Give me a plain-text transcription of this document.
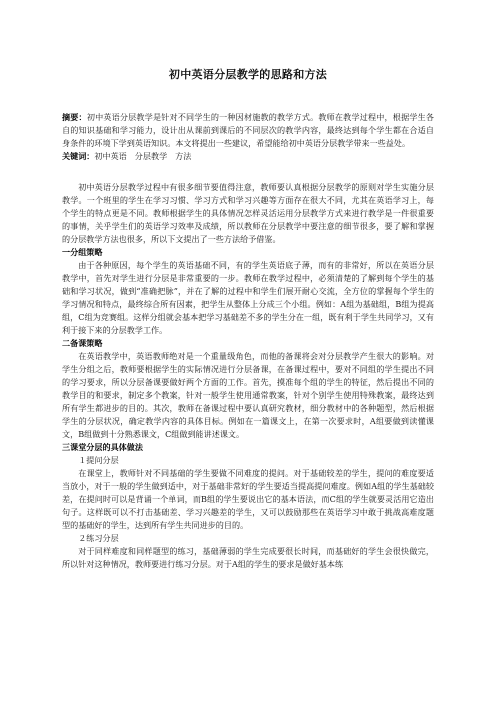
初中英语分层教学的思路和方法

摘要：初中英语分层教学是针对不同学生的一种因材施教的教学方式。教师在教学过程中，根据学生各自的知识基础和学习能力，设计出从课前到课后的不同层次的教学内容，最终达到每个学生都在合适自身条件的环境下学到英语知识。本文将提出一些建议，希望能给初中英语分层教学带来一些益处。

关键词：初中英语 分层教学 方法

初中英语分层教学过程中有很多细节要值得注意，教师要认真根据分层教学的原则对学生实施分层教学。一个班里的学生在学习习惯、学习方式和学习兴趣等方面存在很大不同，尤其在英语学习上，每个学生的特点更是不同。教师根据学生的具体情况怎样灵活运用分层教学方式来进行教学是一件很重要的事情，关乎学生们的英语学习效率及成绩，所以教师在分层教学中要注意的细节很多，要了解和掌握的分层教学方法也很多，所以下文提出了一些方法给予借鉴。

一分组策略

由于各种原因，每个学生的英语基础不同，有的学生英语底子薄，而有的非常好，所以在英语分层教学中，首先对学生进行分层是非常重要的一步。教师在教学过程中，必须清楚的了解到每个学生的基础和学习状况，做到“准确把脉”，并在了解的过程中和学生们展开耐心交流，全方位的掌握每个学生的学习情况和特点，最终综合所有因素，把学生从整体上分成三个小组。例如：A组为基础组，B组为提高组，C组为竞赛组。这样分组就会基本把学习基础差不多的学生分在一组，既有利于学生共同学习，又有利于接下来的分层教学工作。

二备课策略

在英语教学中，英语教师绝对是一个重量级角色，而他的备课将会对分层教学产生很大的影响。对学生分组之后，教师要根据学生的实际情况进行分层备课，在备课过程中，要对不同组的学生提出不同的学习要求，所以分层备课要做好两个方面的工作。首先，摸准每个组的学生的特征，然后提出不同的教学目的和要求，制定多个教案，针对一般学生使用通常教案，针对个别学生使用特殊教案，最终达到所有学生都进步的目的。其次，教师在备课过程中要认真研究教材，细分教材中的各种题型，然后根据学生的分层状况，确定教学内容的具体目标。例如在一篇课文上，在第一次要求时，A组要做到读懂课文，B组做到十分熟悉课文，C组做到能讲述课文。

三课堂分层的具体做法

１提问分层

在课堂上，教师针对不同基础的学生要做不同难度的提问。对于基础较差的学生，提问的难度要适当放小，对于一般的学生做到适中，对于基础非常好的学生要适当提高提问难度。例如A组的学生基础较差，在提问时可以是背诵一个单词，而B组的学生要说出它的基本语法，而C组的学生就要灵活用它造出句子。这样既可以不打击基础差、学习兴趣差的学生，又可以鼓励那些在英语学习中敢于挑战高难度题型的基础好的学生，达到所有学生共同进步的目的。

２练习分层

对于同样难度和同样题型的练习，基础薄弱的学生完成要很长时间，而基础好的学生会很快做完，所以针对这种情况，教师要进行练习分层。对于A组的学生的要求是做好基本练
